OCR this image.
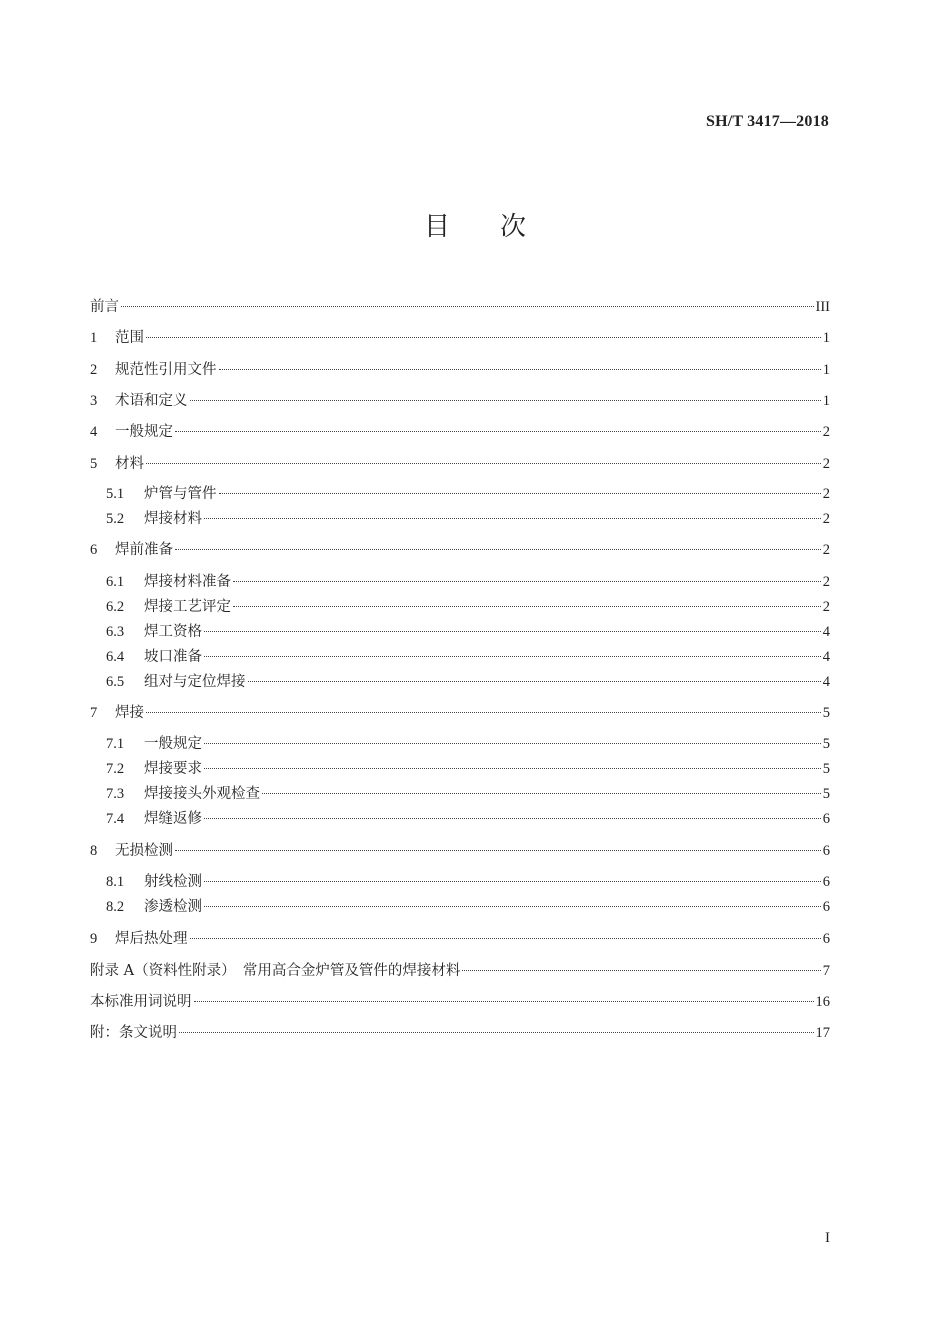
SH/T 3417—2018
目 次
前言	III
1	范围	1
2	规范性引用文件	1
3	术语和定义	1
4	一般规定	2
5	材料	2
5.1	炉管与管件	2
5.2	焊接材料	2
6	焊前准备	2
6.1	焊接材料准备	2
6.2	焊接工艺评定	2
6.3	焊工资格	4
6.4	坡口准备	4
6.5	组对与定位焊接	4
7	焊接	5
7.1	一般规定	5
7.2	焊接要求	5
7.3	焊接接头外观检查	5
7.4	焊缝返修	6
8	无损检测	6
8.1	射线检测	6
8.2	渗透检测	6
9	焊后热处理	6
附录 A（资料性附录）　常用高合金炉管及管件的焊接材料	7
本标准用词说明	16
附：条文说明	17
I
